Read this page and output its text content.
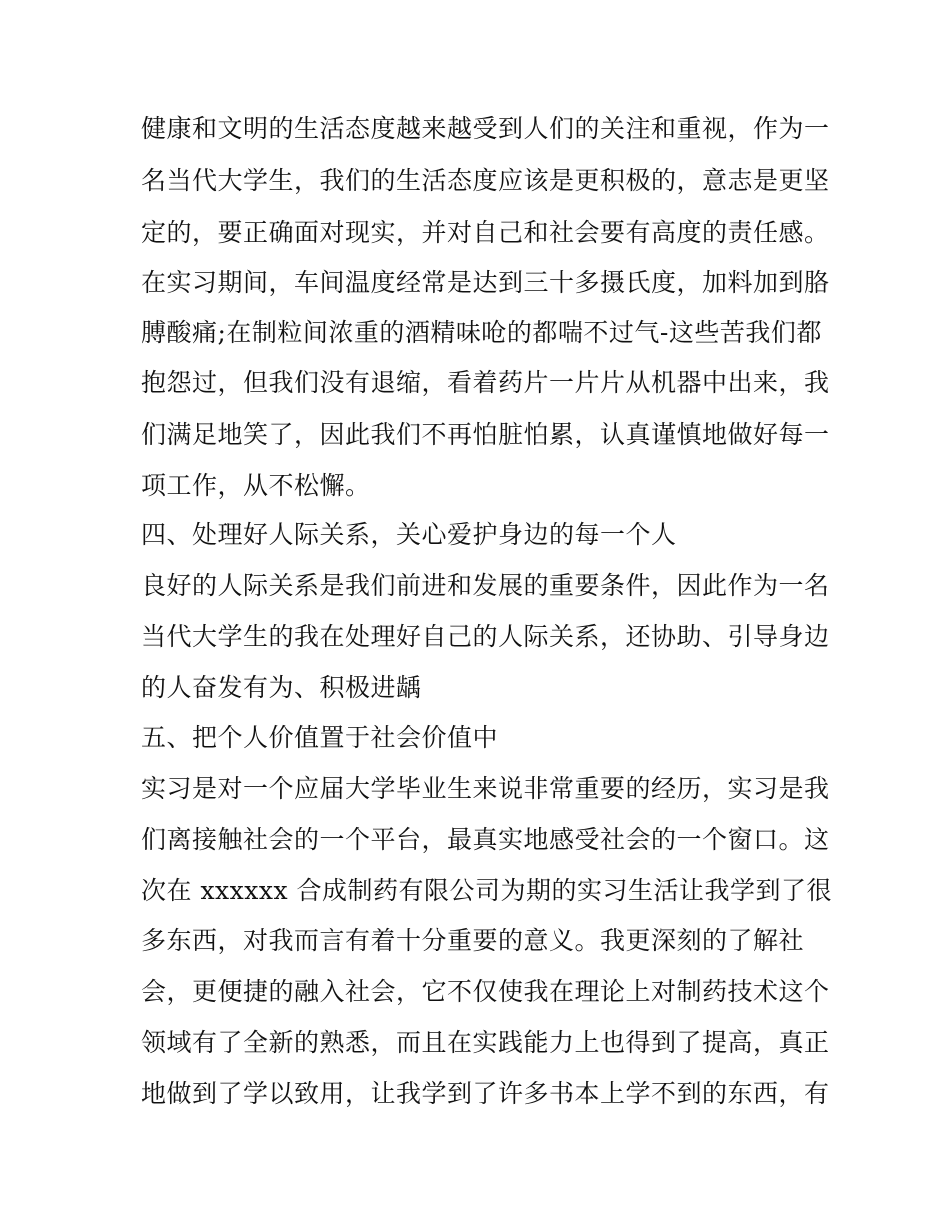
健康和文明的生活态度越来越受到人们的关注和重视，作为一
名当代大学生，我们的生活态度应该是更积极的，意志是更坚
定的，要正确面对现实，并对自己和社会要有高度的责任感。
在实习期间，车间温度经常是达到三十多摄氏度，加料加到胳
膊酸痛;在制粒间浓重的酒精味呛的都喘不过气-这些苦我们都
抱怨过，但我们没有退缩，看着药片一片片从机器中出来，我
们满足地笑了，因此我们不再怕脏怕累，认真谨慎地做好每一
项工作，从不松懈。
四、处理好人际关系，关心爱护身边的每一个人
良好的人际关系是我们前进和发展的重要条件，因此作为一名
当代大学生的我在处理好自己的人际关系，还协助、引导身边
的人奋发有为、积极进龋
五、把个人价值置于社会价值中
实习是对一个应届大学毕业生来说非常重要的经历，实习是我
们离接触社会的一个平台，最真实地感受社会的一个窗口。这
次在 xxxxxx 合成制药有限公司为期的实习生活让我学到了很
多东西，对我而言有着十分重要的意义。我更深刻的了解社
会，更便捷的融入社会，它不仅使我在理论上对制药技术这个
领域有了全新的熟悉，而且在实践能力上也得到了提高，真正
地做到了学以致用，让我学到了许多书本上学不到的东西，有
